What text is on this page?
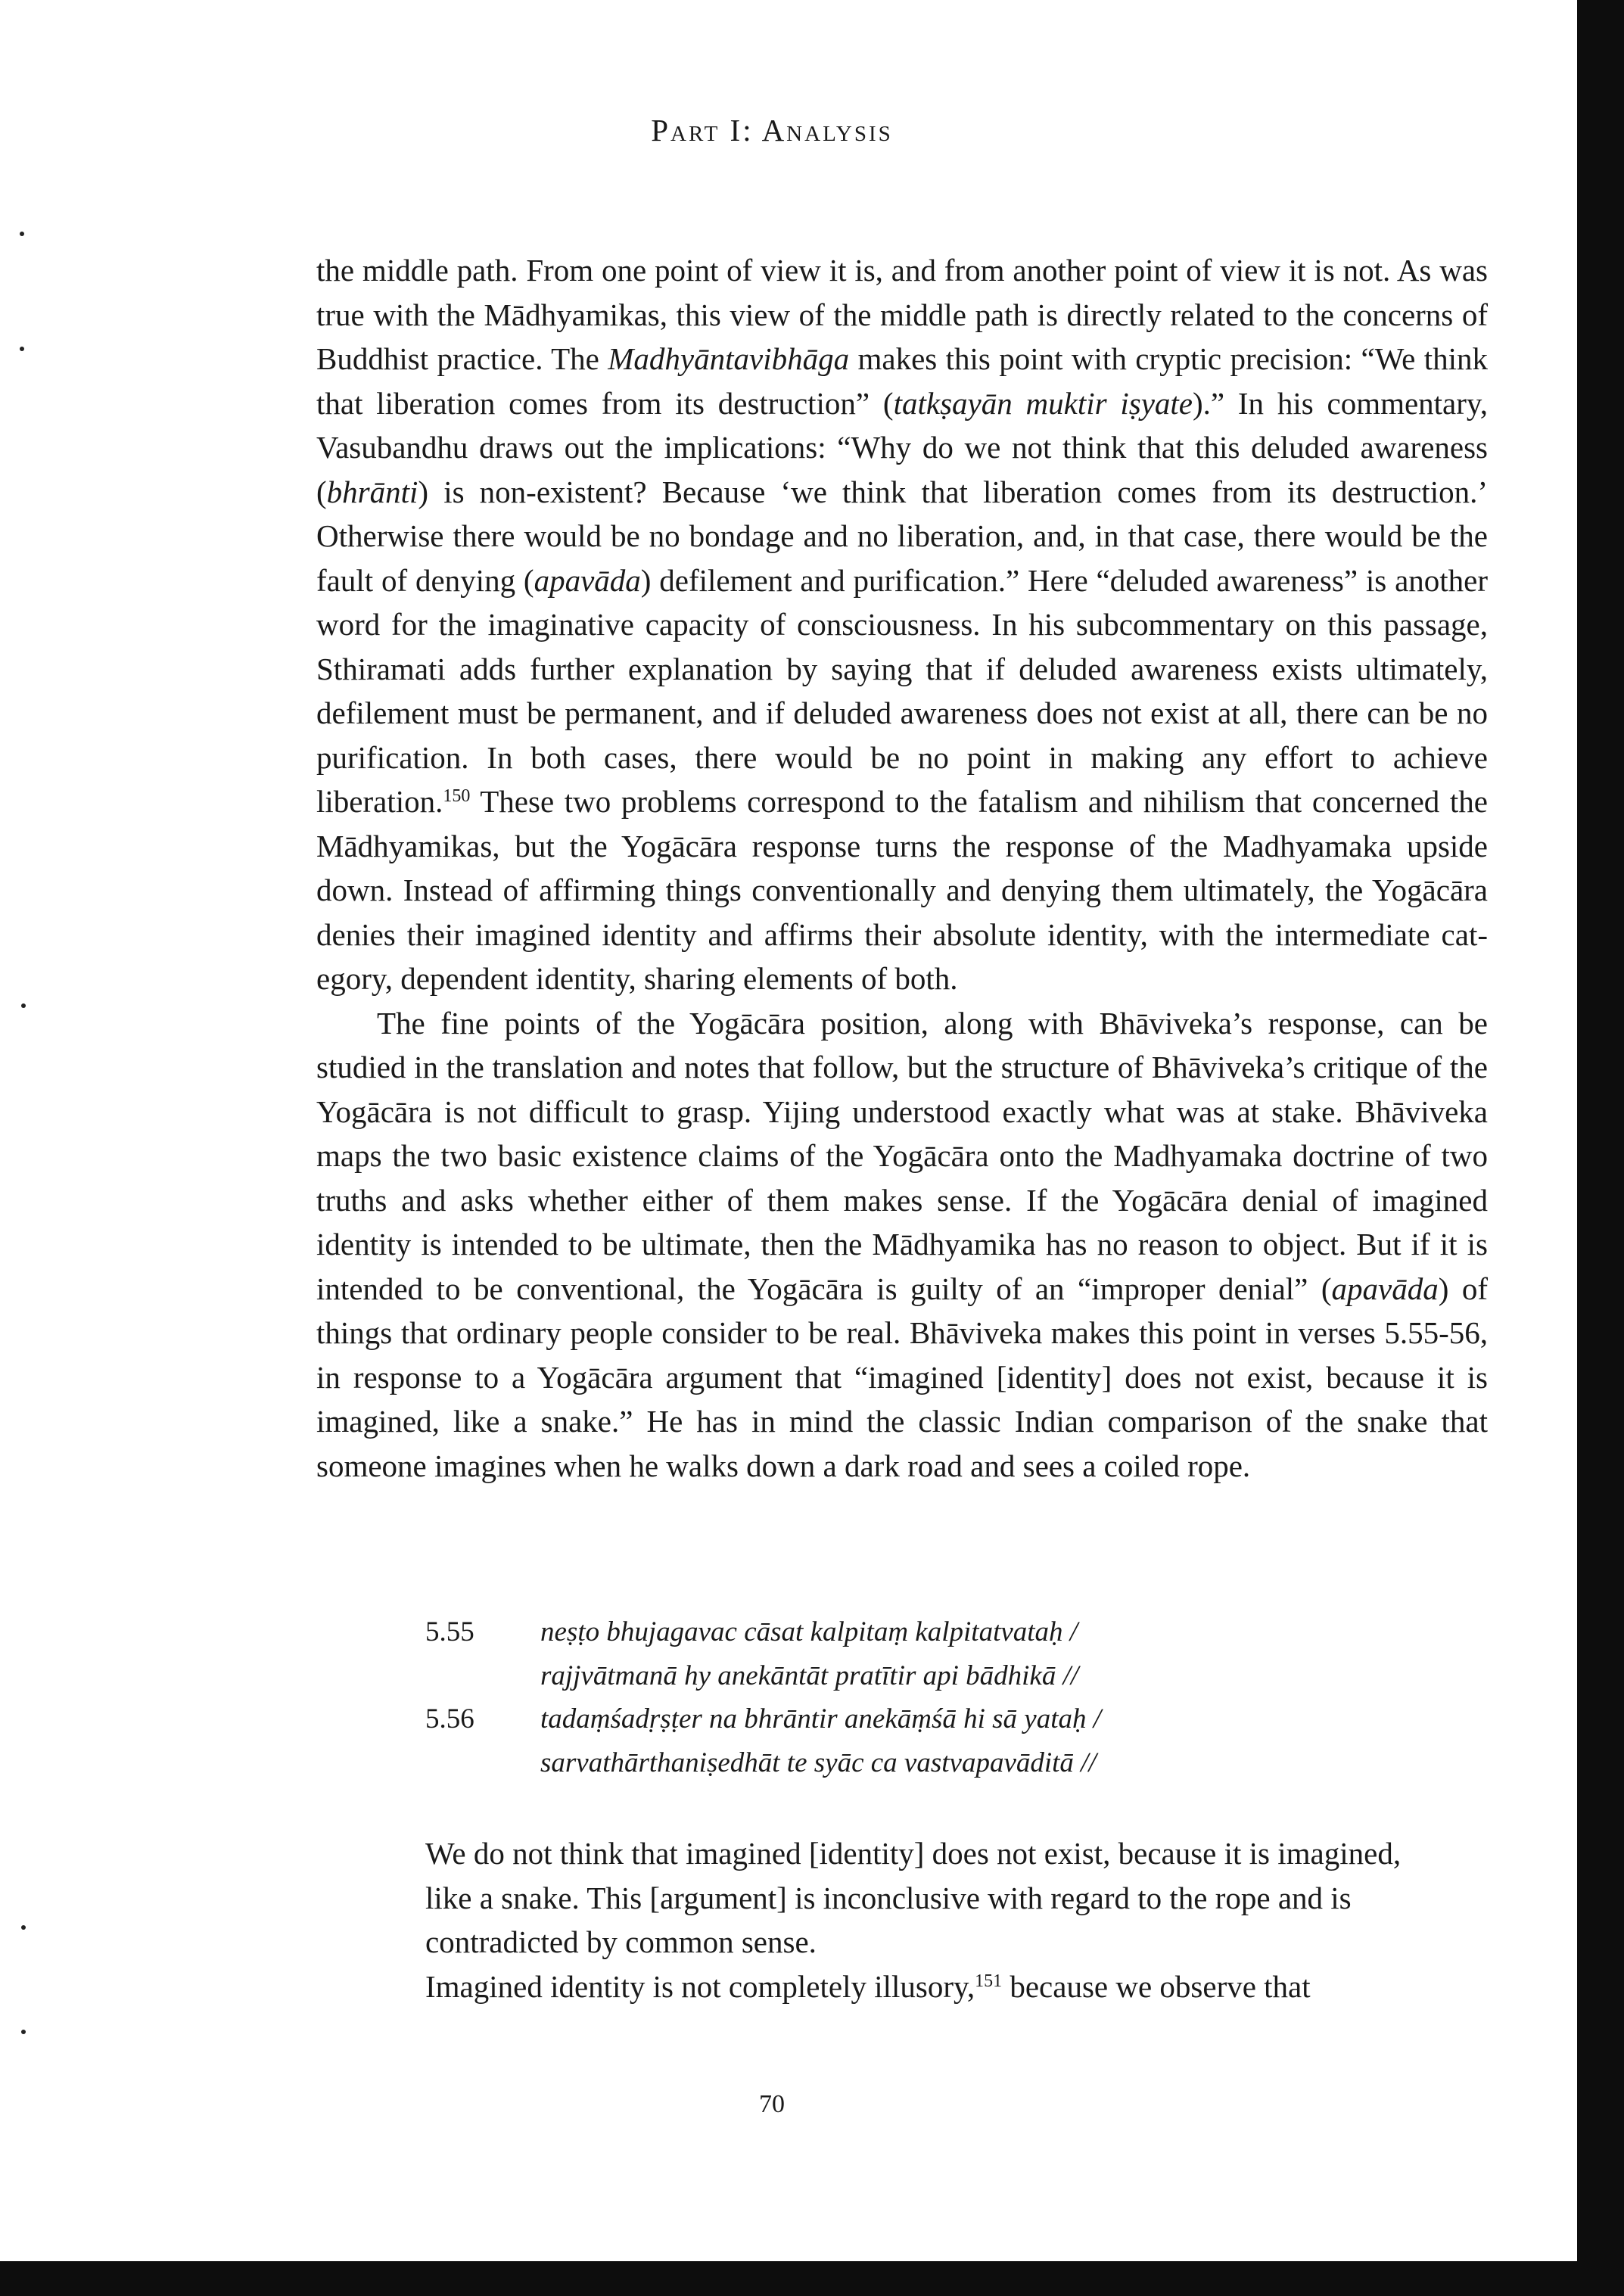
Part I: Analysis

the middle path. From one point of view it is, and from another point of view it is not. As was true with the Mādhyamikas, this view of the middle path is directly related to the concerns of Buddhist practice. The Madhyāntavibhāga makes this point with cryptic precision: “We think that liberation comes from its destruction” (tatkṣayān muktir iṣyate).” In his commentary, Vasubandhu draws out the implications: “Why do we not think that this deluded awareness (bhrānti) is non-existent? Because ‘we think that liberation comes from its destruction.’ Otherwise there would be no bondage and no liberation, and, in that case, there would be the fault of denying (apavāda) defilement and purification.” Here “deluded awareness” is another word for the imaginative capacity of consciousness. In his subcommentary on this passage, Sthiramati adds further explanation by saying that if deluded awareness exists ultimately, defilement must be permanent, and if deluded awareness does not exist at all, there can be no purification. In both cases, there would be no point in making any effort to achieve liberation.$^{150}$ These two problems correspond to the fatalism and nihilism that concerned the Mādhyamikas, but the Yogācāra response turns the response of the Madhyamaka upside down. Instead of affirming things conventionally and denying them ultimately, the Yogācāra denies their imagined identity and affirms their absolute identity, with the intermediate category, dependent identity, sharing elements of both.

The fine points of the Yogācāra position, along with Bhāviveka’s response, can be studied in the translation and notes that follow, but the structure of Bhāviveka’s critique of the Yogācāra is not difficult to grasp. Yijing understood exactly what was at stake. Bhāviveka maps the two basic existence claims of the Yogācāra onto the Madhyamaka doctrine of two truths and asks whether either of them makes sense. If the Yogācāra denial of imagined identity is intended to be ultimate, then the Mādhyamika has no reason to object. But if it is intended to be conventional, the Yogācāra is guilty of an “improper denial” (apavāda) of things that ordinary people consider to be real. Bhāviveka makes this point in verses 5.55-56, in response to a Yogācāra argument that “imagined [identity] does not exist, because it is imagined, like a snake.” He has in mind the classic Indian comparison of the snake that someone imagines when he walks down a dark road and sees a coiled rope.

5.55	neṣṭo bhujagavac cāsat kalpitaṃ kalpitatvataḥ /
rajjvātmanā hy anekāntāt pratītir api bādhikā //
5.56	tadaṃśadṛṣṭer na bhrāntir anekāṃśā hi sā yataḥ /
sarvathārthaniṣedhāt te syāc ca vastvapavāditā //

We do not think that imagined [identity] does not exist, because it is imagined, like a snake. This [argument] is inconclusive with regard to the rope and is contradicted by common sense.

Imagined identity is not completely illusory,$^{151}$ because we observe that

70
